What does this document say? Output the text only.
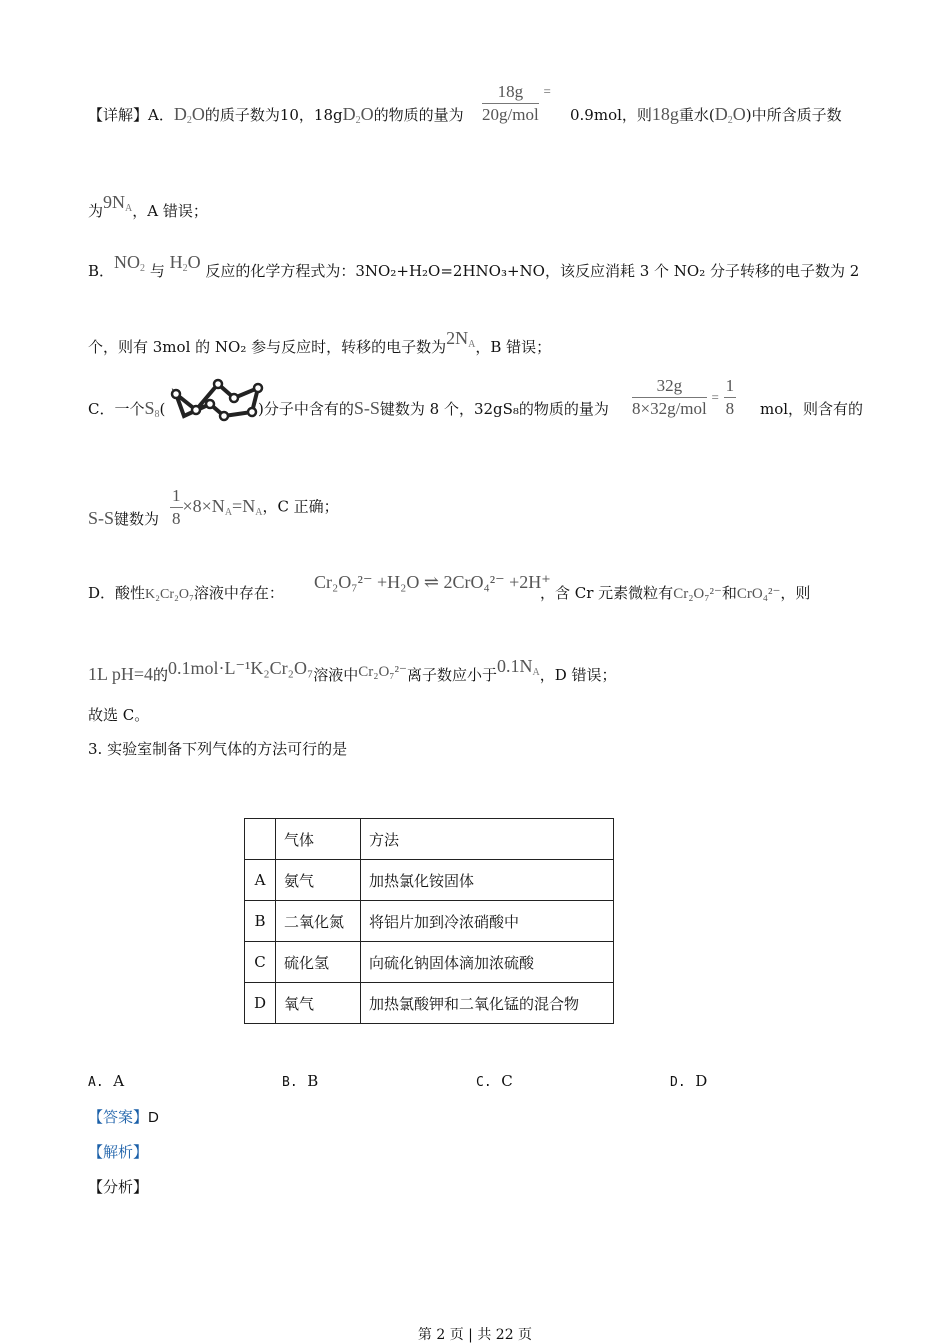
【详解】A．$D_2O$的质子数为10，$18gD_2O$的物质的量为 $\frac{18g}{\text{20g/mol}}$ =
0.9mol，则18g重水$(D_2O)$中所含质子数
为$9N_A$，A 错误；
B．$NO_2$ 与 $H_2O$ 反应的化学方程式为：3NO₂+H₂O=2HNO₃+NO，该反应消耗 3 个 NO₂ 分子转移的电子数为 2
个，则有 3mol 的 NO₂ 参与反应时，转移的电子数为$2N_A$，B 错误；
C．一个$S_8$(	)分子中含有的S-S键数为 8 个，32gS₈的物质的量为 $\frac{32g}{\text{8×32g/mol}} = \frac{1}{8}$ mol，则含有的
S-S键数为 $\frac{1}{8} \times 8\times N_A=N_A$，C 正确；
D．酸性K₂Cr₂O₇溶液中存在：
Cr₂O₇²⁻ +H₂O ⇌ 2CrO₄²⁻ +2H⁺
，含 Cr 元素微粒有Cr₂O₇²⁻和CrO₄²⁻，则
1L pH=4的0.1mol·L⁻¹K₂Cr₂O₇溶液中Cr₂O₇²⁻离子数应小于$0.1N_A$，D 错误；
故选 C。
3. 实验室制备下列气体的方法可行的是
	气体	方法
A	氨气	加热氯化铵固体
B	二氧化氮	将铝片加到冷浓硝酸中
C	硫化氢	向硫化钠固体滴加浓硫酸
D	氧气	加热氯酸钾和二氧化锰的混合物
A. A	B. B	C. C	D. D
【答案】D
【解析】
【分析】
第 2 页 | 共 22 页
